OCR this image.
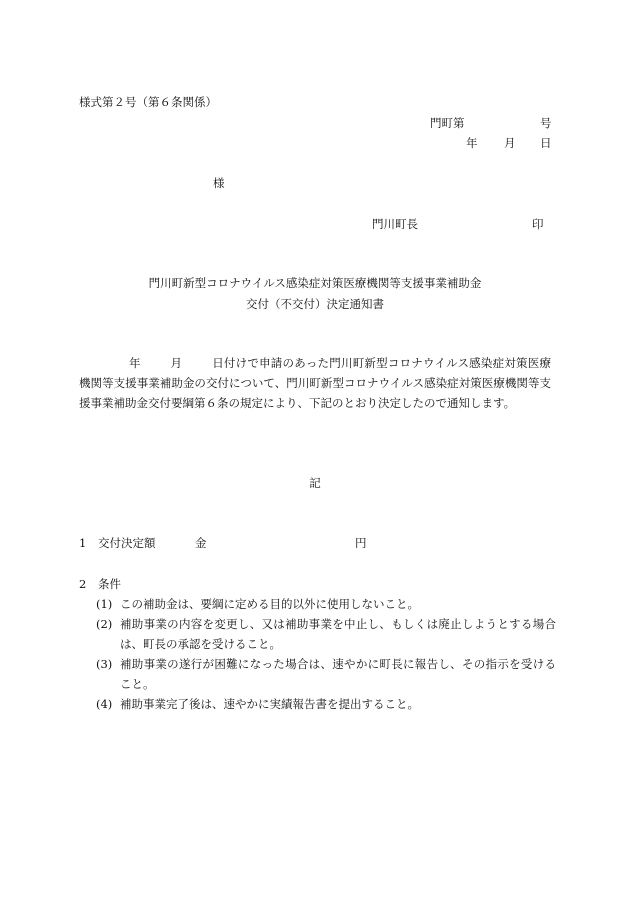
様式第２号（第６条関係）
門町第	号
年 月 日
様
門川町長	印
門川町新型コロナウイルス感染症対策医療機関等支援事業補助金
交付（不交付）決定通知書
年	月	日付けで申請のあった門川町新型コロナウイルス感染症対策医療機関等支援事業補助金の交付について、門川町新型コロナウイルス感染症対策医療機関等支援事業補助金交付要綱第６条の規定により、下記のとおり決定したので通知します。
記
1 交付決定額	金	円
2 条件
(1) この補助金は、要綱に定める目的以外に使用しないこと。
(2) 補助事業の内容を変更し、又は補助事業を中止し、もしくは廃止しようとする場合は、町長の承認を受けること。
(3) 補助事業の遂行が困難になった場合は、速やかに町長に報告し、その指示を受けること。
(4) 補助事業完了後は、速やかに実績報告書を提出すること。
